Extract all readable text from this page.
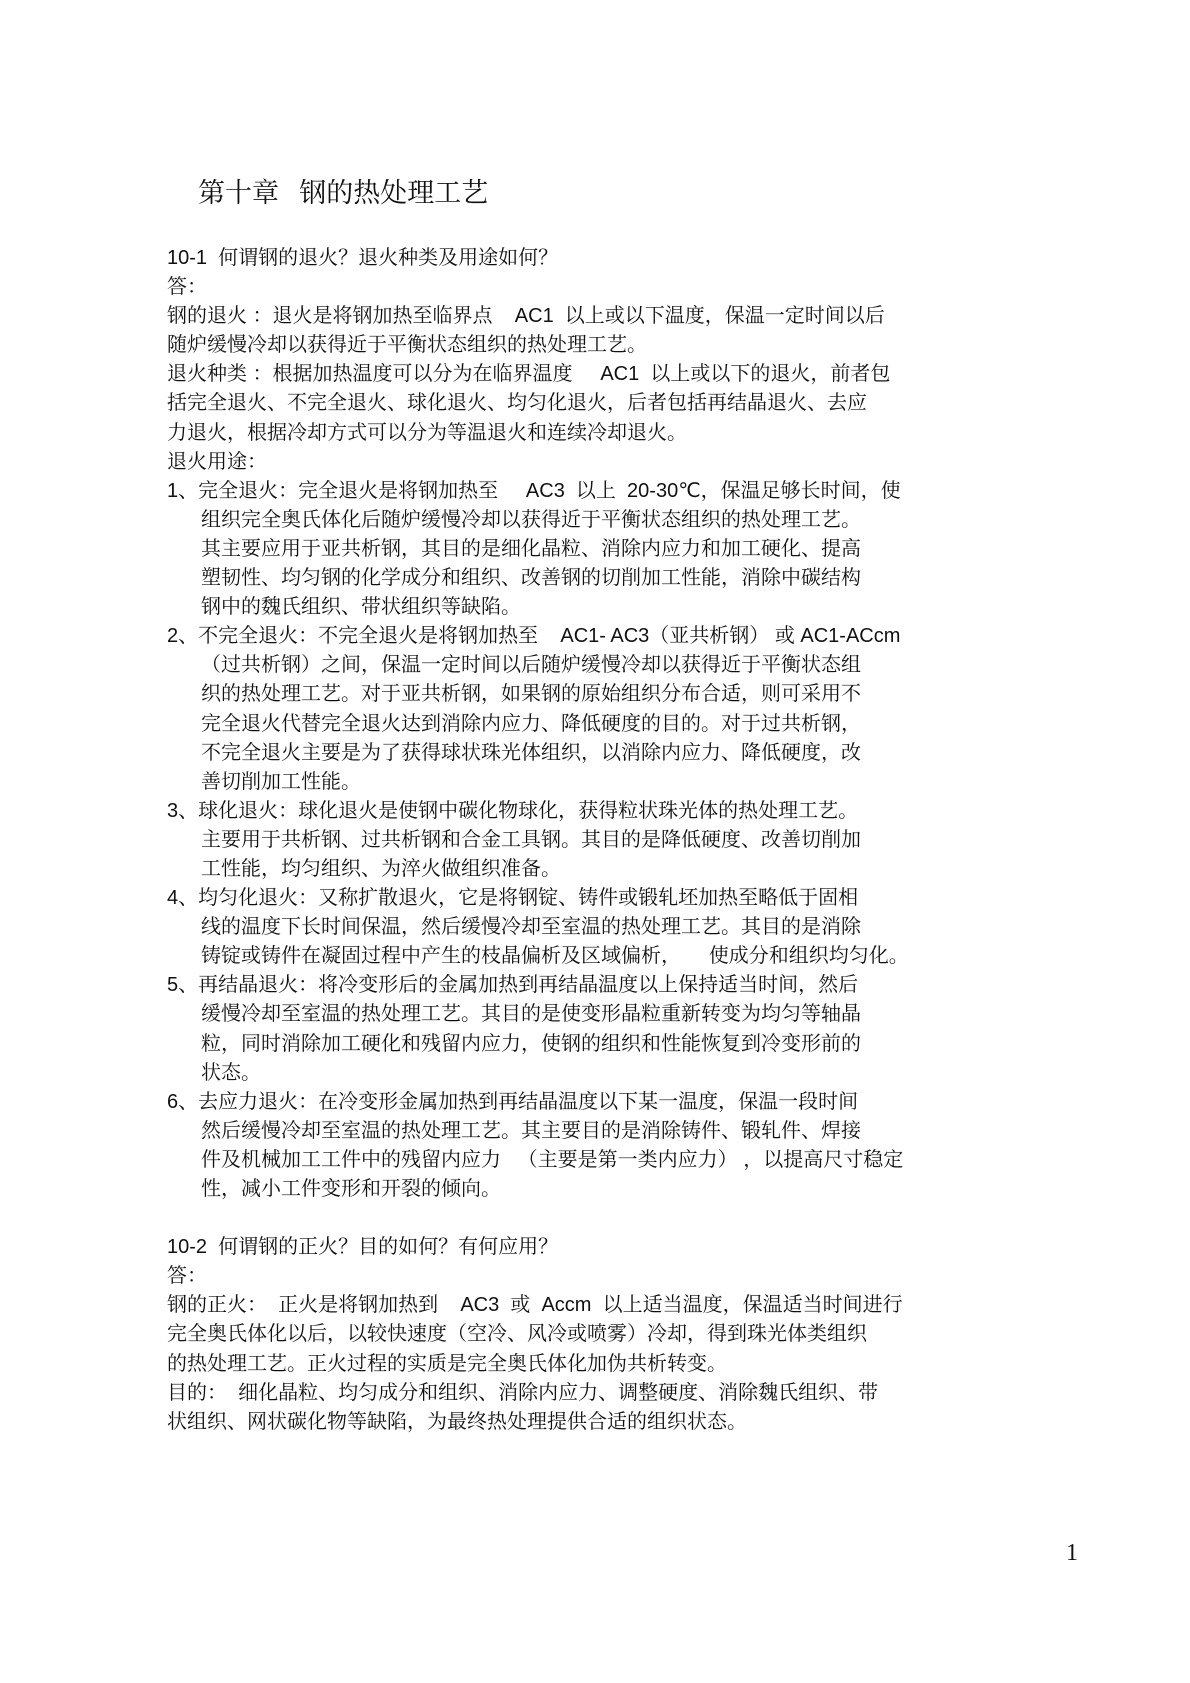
第十章   钢的热处理工艺
10-1  何谓钢的退火？退火种类及用途如何？
答：
钢的退火 ：退火是将钢加热至临界点    AC1  以上或以下温度，保温一定时间以后
随炉缓慢冷却以获得近于平衡状态组织的热处理工艺。
退火种类 ：根据加热温度可以分为在临界温度     AC1  以上或以下的退火，前者包
括完全退火、不完全退火、球化退火、均匀化退火，后者包括再结晶退火、去应
力退火，根据冷却方式可以分为等温退火和连续冷却退火。
退火用途：
1、完全退火：完全退火是将钢加热至     AC3  以上  20-30℃，保温足够长时间，使
组织完全奥氏体化后随炉缓慢冷却以获得近于平衡状态组织的热处理工艺。
其主要应用于亚共析钢，其目的是细化晶粒、消除内应力和加工硬化、提高
塑韧性、均匀钢的化学成分和组织、改善钢的切削加工性能，消除中碳结构
钢中的魏氏组织、带状组织等缺陷。
2、不完全退火：不完全退火是将钢加热至    AC1- AC3（亚共析钢） 或 AC1-ACcm
（过共析钢）之间，保温一定时间以后随炉缓慢冷却以获得近于平衡状态组
织的热处理工艺。对于亚共析钢，如果钢的原始组织分布合适，则可采用不
完全退火代替完全退火达到消除内应力、降低硬度的目的。对于过共析钢，
不完全退火主要是为了获得球状珠光体组织，以消除内应力、降低硬度，改
善切削加工性能。
3、球化退火：球化退火是使钢中碳化物球化，获得粒状珠光体的热处理工艺。
主要用于共析钢、过共析钢和合金工具钢。其目的是降低硬度、改善切削加
工性能，均匀组织、为淬火做组织准备。
4、均匀化退火：又称扩散退火，它是将钢锭、铸件或锻轧坯加热至略低于固相
线的温度下长时间保温，然后缓慢冷却至室温的热处理工艺。其目的是消除
铸锭或铸件在凝固过程中产生的枝晶偏析及区域偏析，     使成分和组织均匀化。
5、再结晶退火：将冷变形后的金属加热到再结晶温度以上保持适当时间，然后
缓慢冷却至室温的热处理工艺。其目的是使变形晶粒重新转变为均匀等轴晶
粒，同时消除加工硬化和残留内应力，使钢的组织和性能恢复到冷变形前的
状态。
6、去应力退火：在冷变形金属加热到再结晶温度以下某一温度，保温一段时间
然后缓慢冷却至室温的热处理工艺。其主要目的是消除铸件、锻轧件、焊接
件及机械加工工件中的残留内应力   （主要是第一类内应力） ，以提高尺寸稳定
性，减小工件变形和开裂的倾向。
10-2  何谓钢的正火？目的如何？有何应用？
答：
钢的正火：  正火是将钢加热到    AC3  或  Accm  以上适当温度，保温适当时间进行
完全奥氏体化以后，以较快速度（空冷、风冷或喷雾）冷却，得到珠光体类组织
的热处理工艺。正火过程的实质是完全奥氏体化加伪共析转变。
目的：  细化晶粒、均匀成分和组织、消除内应力、调整硬度、消除魏氏组织、带
状组织、网状碳化物等缺陷，为最终热处理提供合适的组织状态。
1
